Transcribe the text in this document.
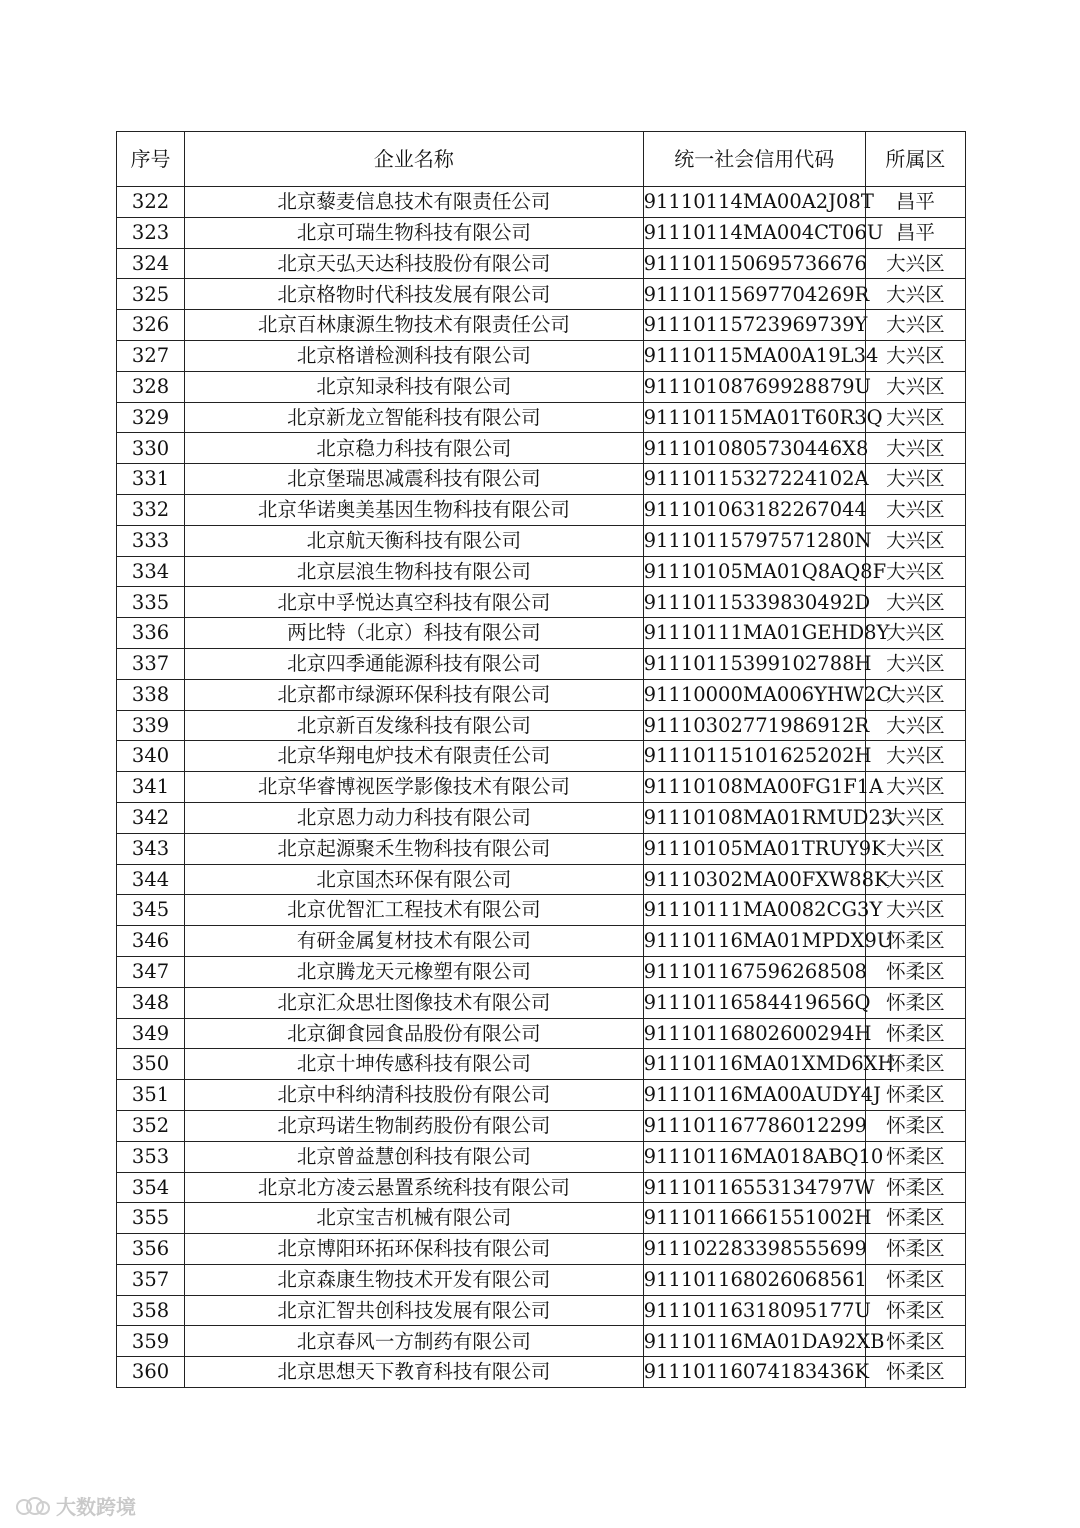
序号	企业名称	统一社会信用代码	所属区
322	北京藜麦信息技术有限责任公司	91110114MA00A2J08T	昌平
323	北京可瑞生物科技有限公司	91110114MA004CT06U	昌平
324	北京天弘天达科技股份有限公司	911101150695736676	大兴区
325	北京格物时代科技发展有限公司	91110115697704269R	大兴区
326	北京百林康源生物技术有限责任公司	91110115723969739Y	大兴区
327	北京格谱检测科技有限公司	91110115MA00A19L34	大兴区
328	北京知录科技有限公司	91110108769928879U	大兴区
329	北京新龙立智能科技有限公司	91110115MA01T60R3Q	大兴区
330	北京稳力科技有限公司	911101080573044​6X8	大兴区
331	北京堡瑞思减震科技有限公司	91110115327224102A	大兴区
332	北京华诺奥美基因生物科技有限公司	911101063182267044	大兴区
333	北京航天衡科技有限公司	91110115797571280N	大兴区
334	北京层浪生物科技有限公司	91110105MA01Q8AQ8F	大兴区
335	北京中孚悦达真空科技有限公司	91110115339830492D	大兴区
336	两比特（北京）科技有限公司	91110111MA01GEHD8Y	大兴区
337	北京四季通能源科技有限公司	91110115399102788H	大兴区
338	北京都市绿源环保科技有限公司	91110000MA006YHW2C	大兴区
339	北京新百发缘科技有限公司	91110302771986912R	大兴区
340	北京华翔电炉技术有限责任公司	91110115101625202H	大兴区
341	北京华睿博视医学影像技术有限公司	91110108MA00FG1F1A	大兴区
342	北京恩力动力科技有限公司	91110108MA01RMUD23	大兴区
343	北京起源聚禾生物科技有限公司	91110105MA01TRUY9K	大兴区
344	北京国杰环保有限公司	91110302MA00FXW88K	大兴区
345	北京优智汇工程技术有限公司	91110111MA0082CG3Y	大兴区
346	有研金属复材技术有限公司	91110116MA01MPDX9U	怀柔区
347	北京腾龙天元橡塑有限公司	911101167596268508	怀柔区
348	北京汇众思壮图像技术有限公司	91110116584419656Q	怀柔区
349	北京御食园食品股份有限公司	91110116802600294H	怀柔区
350	北京十坤传感科技有限公司	91110116MA01XMD6XH	怀柔区
351	北京中科纳清科技股份有限公司	91110116MA00AUDY4J	怀柔区
352	北京玛诺生物制药股份有限公司	911101167786012299	怀柔区
353	北京曾益慧创科技有限公司	91110116MA018ABQ10	怀柔区
354	北京北方凌云悬置系统科技有限公司	91110116553134797W	怀柔区
355	北京宝吉机械有限公司	91110116661551002H	怀柔区
356	北京博阳环拓环保科技有限公司	911102283398555699	怀柔区
357	北京森康生物技术开发有限公司	911101168026068561	怀柔区
358	北京汇智共创科技发展有限公司	91110116318095177U	怀柔区
359	北京春风一方制药有限公司	91110116MA01DA92XB	怀柔区
360	北京思想天下教育科技有限公司	91110116074183436K	怀柔区
大数跨境
